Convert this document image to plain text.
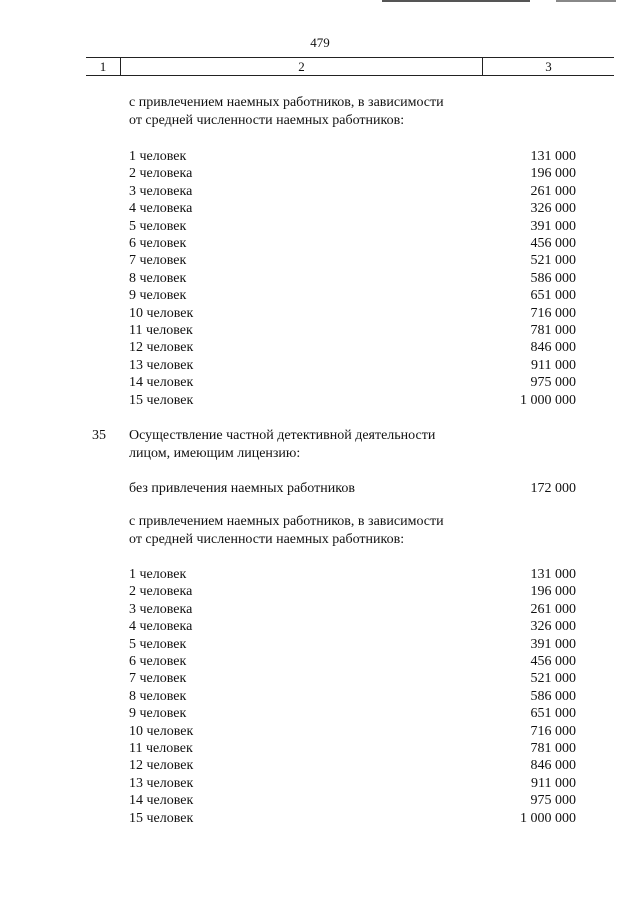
479
1	2	3
с привлечением наемных работников, в зависимости
от средней численности наемных работников:
1 человек	131 000
2 человека	196 000
3 человека	261 000
4 человека	326 000
5 человек	391 000
6 человек	456 000
7 человек	521 000
8 человек	586 000
9 человек	651 000
10 человек	716 000
11 человек	781 000
12 человек	846 000
13 человек	911 000
14 человек	975 000
15 человек	1 000 000
35 Осуществление частной детективной деятельности
лицом, имеющим лицензию:
без привлечения наемных работников	172 000
с привлечением наемных работников, в зависимости
от средней численности наемных работников:
1 человек	131 000
2 человека	196 000
3 человека	261 000
4 человека	326 000
5 человек	391 000
6 человек	456 000
7 человек	521 000
8 человек	586 000
9 человек	651 000
10 человек	716 000
11 человек	781 000
12 человек	846 000
13 человек	911 000
14 человек	975 000
15 человек	1 000 000
